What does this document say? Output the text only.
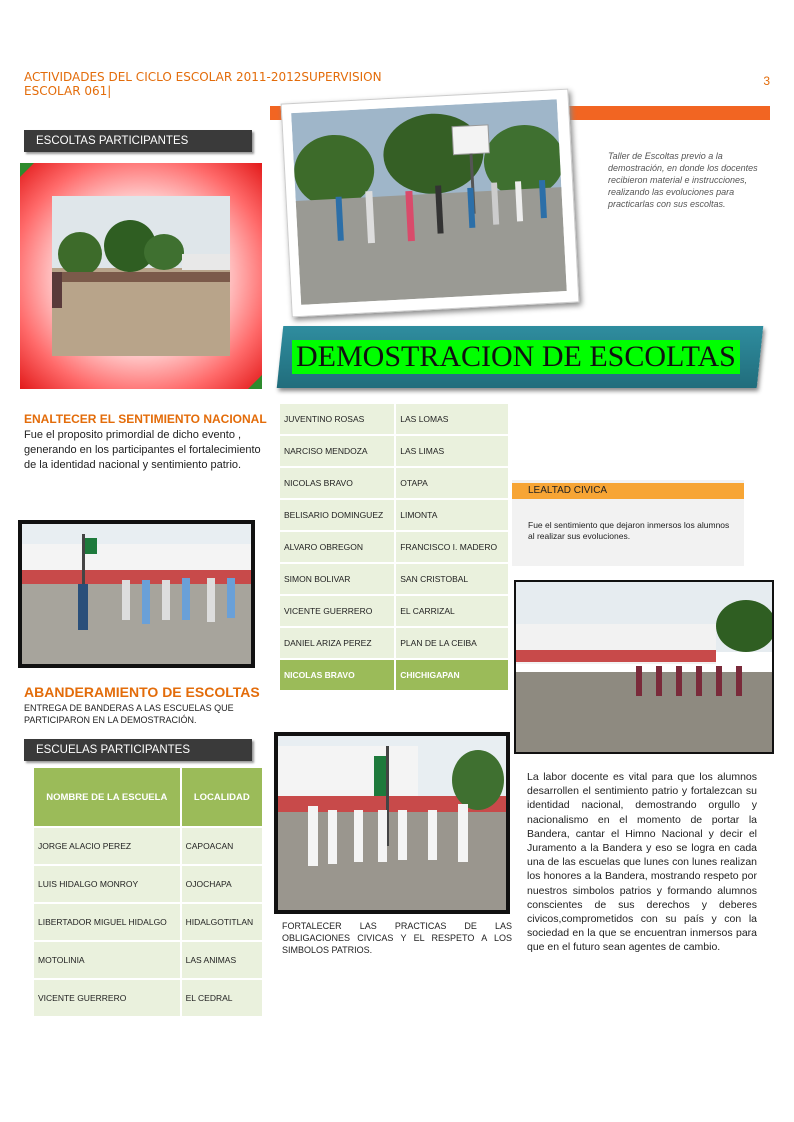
ACTIVIDADES DEL CICLO ESCOLAR 2011-2012SUPERVISION ESCOLAR 061|
3
ESCOLTAS PARTICIPANTES
Taller de Escoltas previo a la demostración, en donde los docentes recibieron material e instrucciones, realizando las evoluciones para practicarlas con sus escoltas.
DEMOSTRACION DE ESCOLTAS
ENALTECER EL SENTIMIENTO NACIONAL
Fue el proposito primordial de dicho evento , generando en los participantes el fortalecimiento de la identidad nacional y sentimiento patrio.
JUVENTINO ROSAS	LAS LOMAS
NARCISO MENDOZA	LAS LIMAS
NICOLAS BRAVO	OTAPA
BELISARIO DOMINGUEZ	LIMONTA
ALVARO OBREGON	FRANCISCO I. MADERO
SIMON BOLIVAR	SAN CRISTOBAL
VICENTE GUERRERO	EL CARRIZAL
DANIEL ARIZA PEREZ	PLAN DE LA CEIBA
NICOLAS BRAVO	CHICHIGAPAN
LEALTAD CIVICA
Fue el sentimiento que dejaron inmersos los alumnos al realizar sus evoluciones.
ABANDERAMIENTO DE ESCOLTAS
ENTREGA DE BANDERAS A LAS ESCUELAS QUE PARTICIPARON EN LA DEMOSTRACIÓN.
ESCUELAS PARTICIPANTES
NOMBRE DE LA ESCUELA	LOCALIDAD
JORGE ALACIO PEREZ	CAPOACAN
LUIS HIDALGO MONROY	OJOCHAPA
LIBERTADOR MIGUEL HIDALGO	HIDALGOTITLAN
MOTOLINIA	LAS ANIMAS
VICENTE GUERRERO	EL CEDRAL
FORTALECER LAS PRACTICAS DE LAS OBLIGACIONES CIVICAS Y EL RESPETO A LOS SIMBOLOS PATRIOS.
La labor docente es vital para que los alumnos desarrollen el sentimiento patrio y fortalezcan su identidad nacional, demostrando orgullo y nacionalismo en el momento de portar la Bandera, cantar el Himno Nacional y decir el Juramento a la Bandera y eso se logra en cada una de las escuelas que lunes con lunes realizan los honores a la Bandera, mostrando respeto por nuestros simbolos patrios y formando alumnos conscientes de sus derechos y deberes civicos,comprometidos con su país y con la sociedad en la que se encuentran inmersos para que en el futuro sean agentes de cambio.
